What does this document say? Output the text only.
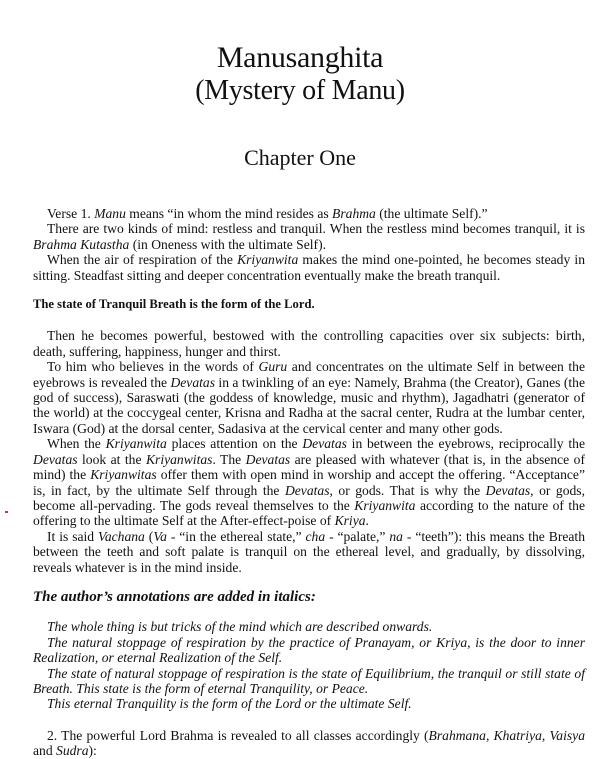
Manusanghita
(Mystery of Manu)
Chapter One

Verse 1. Manu means “in whom the mind resides as Brahma (the ultimate Self).”

There are two kinds of mind: restless and tranquil. When the restless mind becomes tranquil, it is Brahma Kutastha (in Oneness with the ultimate Self).

When the air of respiration of the Kriyanwita makes the mind one-pointed, he becomes steady in sitting. Steadfast sitting and deeper concentration eventually make the breath tranquil.

The state of Tranquil Breath is the form of the Lord.

Then he becomes powerful, bestowed with the controlling capacities over six subjects: birth, death, suffering, happiness, hunger and thirst.

To him who believes in the words of Guru and concentrates on the ultimate Self in between the eyebrows is revealed the Devatas in a twinkling of an eye: Namely, Brahma (the Creator), Ganes (the god of success), Saraswati (the goddess of knowledge, music and rhythm), Jagadhatri (generator of the world) at the coccygeal center, Krisna and Radha at the sacral center, Rudra at the lumbar center, Iswara (God) at the dorsal center, Sadasiva at the cervical center and many other gods.

When the Kriyanwita places attention on the Devatas in between the eyebrows, reciprocally the Devatas look at the Kriyanwitas. The Devatas are pleased with whatever (that is, in the absence of mind) the Kriyanwitas offer them with open mind in worship and accept the offering. “Acceptance” is, in fact, by the ultimate Self through the Devatas, or gods. That is why the Devatas, or gods, become all-pervading. The gods reveal themselves to the Kriyanwita according to the nature of the offering to the ultimate Self at the After-effect-poise of Kriya.

It is said Vachana (Va - “in the ethereal state,” cha - “palate,” na - “teeth”): this means the Breath between the teeth and soft palate is tranquil on the ethereal level, and gradually, by dissolving, reveals whatever is in the mind inside.

The author’s annotations are added in italics:

The whole thing is but tricks of the mind which are described onwards.

The natural stoppage of respiration by the practice of Pranayam, or Kriya, is the door to inner Realization, or eternal Realization of the Self.

The state of natural stoppage of respiration is the state of Equilibrium, the tranquil or still state of Breath. This state is the form of eternal Tranquility, or Peace.

This eternal Tranquility is the form of the Lord or the ultimate Self.

2. The powerful Lord Brahma is revealed to all classes accordingly (Brahmana, Khatriya, Vaisya and Sudra):
